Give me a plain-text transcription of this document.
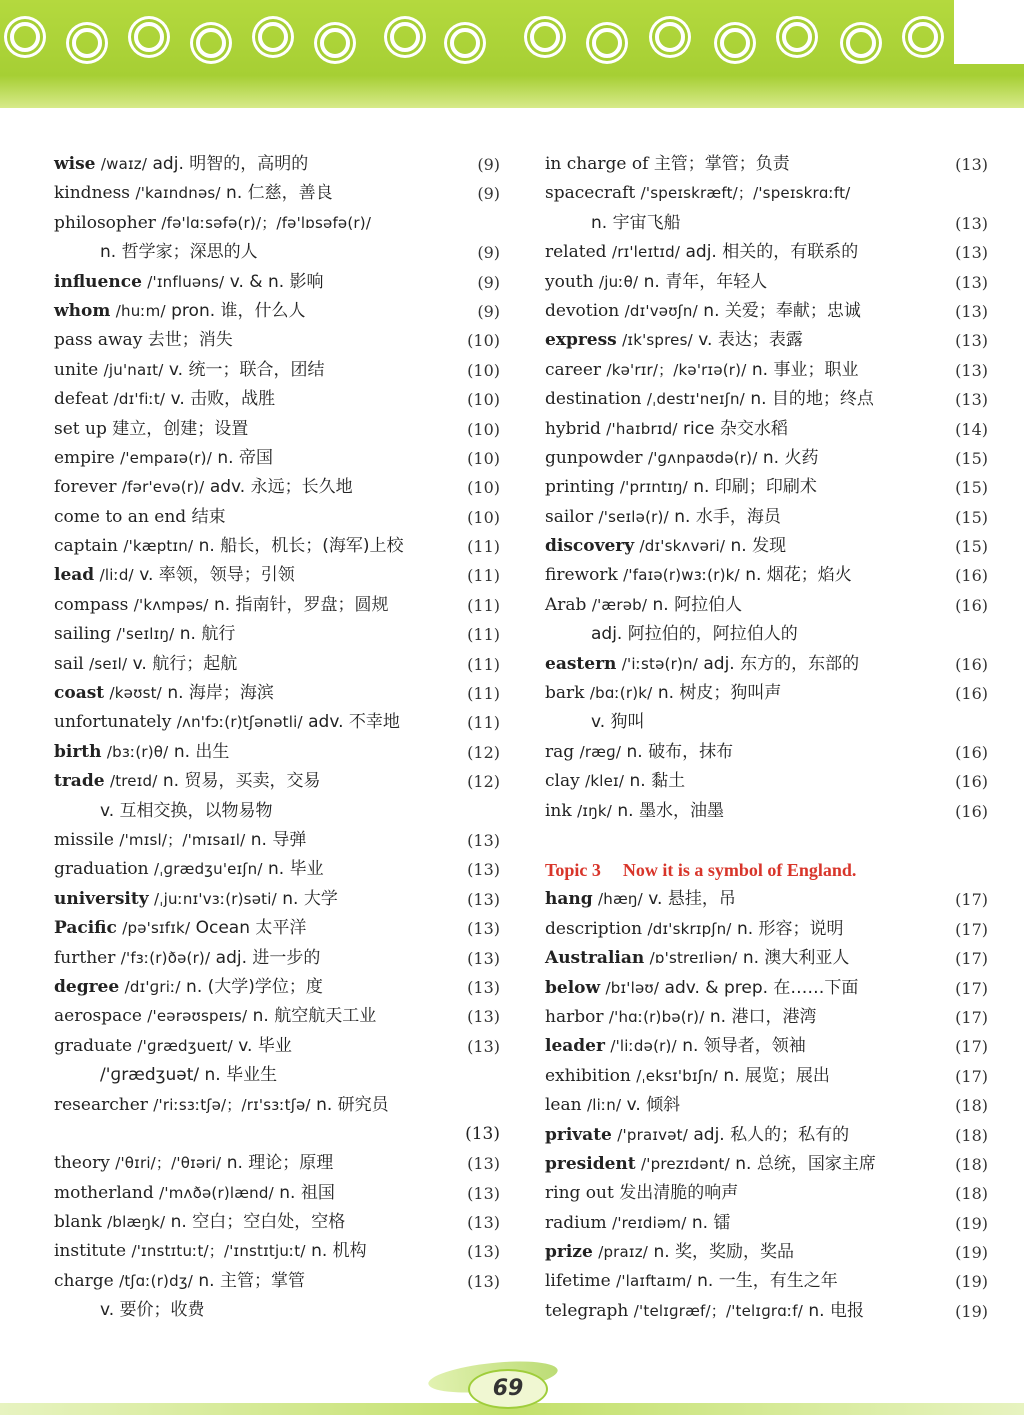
wise /waɪz/ adj. 明智的，高明的	(9)
kindness /'kaɪndnəs/ n. 仁慈，善良	(9)
philosopher /fə'lɑːsəfə(r)/；/fə'lɒsəfə(r)/
n. 哲学家；深思的人	(9)
influence /'ɪnfluəns/ v. & n. 影响	(9)
whom /huːm/ pron. 谁，什么人	(9)
pass away 去世；消失	(10)
unite /ju'naɪt/ v. 统一；联合，团结	(10)
defeat /dɪ'fiːt/ v. 击败，战胜	(10)
set up 建立，创建；设置	(10)
empire /'empaɪə(r)/ n. 帝国	(10)
forever /fər'evə(r)/ adv. 永远；长久地	(10)
come to an end 结束	(10)
captain /'kæptɪn/ n. 船长，机长；(海军)上校	(11)
lead /liːd/ v. 率领，领导；引领	(11)
compass /'kʌmpəs/ n. 指南针，罗盘；圆规	(11)
sailing /'seɪlɪŋ/ n. 航行	(11)
sail /seɪl/ v. 航行；起航	(11)
coast /kəʊst/ n. 海岸；海滨	(11)
unfortunately /ʌn'fɔː(r)tʃənətli/ adv. 不幸地	(11)
birth /bɜː(r)θ/ n. 出生	(12)
trade /treɪd/ n. 贸易，买卖，交易	(12)
v. 互相交换，以物易物
missile /'mɪsl/；/'mɪsaɪl/ n. 导弹	(13)
graduation /ˌɡrædʒu'eɪʃn/ n. 毕业	(13)
university /ˌjuːnɪ'vɜː(r)səti/ n. 大学	(13)
Pacific /pə'sɪfɪk/ Ocean 太平洋	(13)
further /'fɜː(r)ðə(r)/ adj. 进一步的	(13)
degree /dɪ'ɡriː/ n. (大学)学位；度	(13)
aerospace /'eərəʊspeɪs/ n. 航空航天工业	(13)
graduate /'ɡrædʒueɪt/ v. 毕业	(13)
/'ɡrædʒuət/ n. 毕业生
researcher /'riːsɜːtʃə/；/rɪ'sɜːtʃə/ n. 研究员
(13)
theory /'θɪri/；/'θɪəri/ n. 理论；原理	(13)
motherland /'mʌðə(r)lænd/ n. 祖国	(13)
blank /blæŋk/ n. 空白；空白处，空格	(13)
institute /'ɪnstɪtuːt/；/'ɪnstɪtjuːt/ n. 机构	(13)
charge /tʃɑː(r)dʒ/ n. 主管；掌管	(13)
v. 要价；收费
in charge of 主管；掌管；负责	(13)
spacecraft /'speɪskræft/；/'speɪskrɑːft/
n. 宇宙飞船	(13)
related /rɪ'leɪtɪd/ adj. 相关的，有联系的	(13)
youth /juːθ/ n. 青年，年轻人	(13)
devotion /dɪ'vəʊʃn/ n. 关爱；奉献；忠诚	(13)
express /ɪk'spres/ v. 表达；表露	(13)
career /kə'rɪr/；/kə'rɪə(r)/ n. 事业；职业	(13)
destination /ˌdestɪ'neɪʃn/ n. 目的地；终点	(13)
hybrid /'haɪbrɪd/ rice 杂交水稻	(14)
gunpowder /'ɡʌnpaʊdə(r)/ n. 火药	(15)
printing /'prɪntɪŋ/ n. 印刷；印刷术	(15)
sailor /'seɪlə(r)/ n. 水手，海员	(15)
discovery /dɪ'skʌvəri/ n. 发现	(15)
firework /'faɪə(r)wɜː(r)k/ n. 烟花；焰火	(16)
Arab /'ærəb/ n. 阿拉伯人	(16)
adj. 阿拉伯的，阿拉伯人的
eastern /'iːstə(r)n/ adj. 东方的，东部的	(16)
bark /bɑː(r)k/ n. 树皮；狗叫声	(16)
v. 狗叫
rag /ræɡ/ n. 破布，抹布	(16)
clay /kleɪ/ n. 黏土	(16)
ink /ɪŋk/ n. 墨水，油墨	(16)
Topic 3 Now it is a symbol of England.
hang /hæŋ/ v. 悬挂，吊	(17)
description /dɪ'skrɪpʃn/ n. 形容；说明	(17)
Australian /ɒ'streɪliən/ n. 澳大利亚人	(17)
below /bɪ'ləʊ/ adv. & prep. 在……下面	(17)
harbor /'hɑː(r)bə(r)/ n. 港口，港湾	(17)
leader /'liːdə(r)/ n. 领导者，领袖	(17)
exhibition /ˌeksɪ'bɪʃn/ n. 展览；展出	(17)
lean /liːn/ v. 倾斜	(18)
private /'praɪvət/ adj. 私人的；私有的	(18)
president /'prezɪdənt/ n. 总统，国家主席	(18)
ring out 发出清脆的响声	(18)
radium /'reɪdiəm/ n. 镭	(19)
prize /praɪz/ n. 奖，奖励，奖品	(19)
lifetime /'laɪftaɪm/ n. 一生，有生之年	(19)
telegraph /'telɪɡræf/；/'telɪɡrɑːf/ n. 电报	(19)
69
